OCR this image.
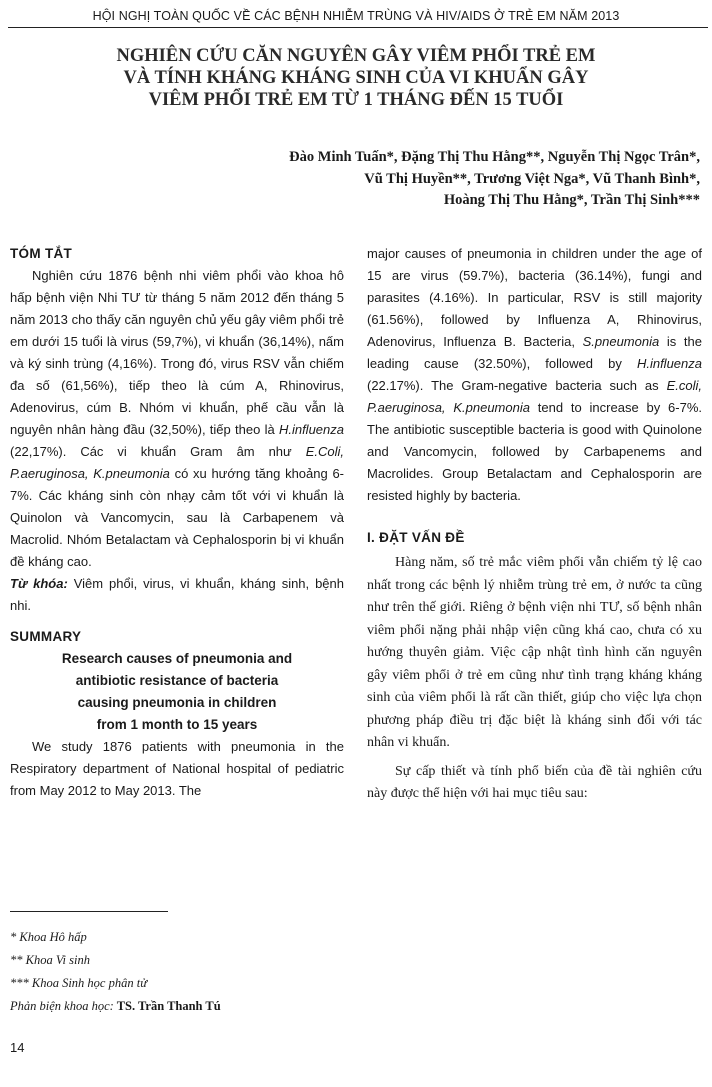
HỘI NGHỊ TOÀN QUỐC VỀ CÁC BỆNH NHIỄM TRÙNG VÀ HIV/AIDS Ở TRẺ EM NĂM 2013
NGHIÊN CỨU CĂN NGUYÊN GÂY VIÊM PHỔI TRẺ EM
VÀ TÍNH KHÁNG KHÁNG SINH CỦA VI KHUẨN GÂY
VIÊM PHỔI TRẺ EM TỪ 1 THÁNG ĐẾN 15 TUỔI
Đào Minh Tuấn*, Đặng Thị Thu Hằng**, Nguyễn Thị Ngọc Trân*,
Vũ Thị Huyền**, Trương Việt Nga*, Vũ Thanh Bình*,
Hoàng Thị Thu Hằng*, Trần Thị Sinh***
TÓM TẮT
Nghiên cứu 1876 bệnh nhi viêm phổi vào khoa hô hấp bệnh viện Nhi TƯ từ tháng 5 năm 2012 đến tháng 5 năm 2013 cho thấy căn nguyên chủ yếu gây viêm phổi trẻ em dưới 15 tuổi là virus (59,7%), vi khuẩn (36,14%), nấm và ký sinh trùng (4,16%). Trong đó, virus RSV vẫn chiếm đa số (61,56%), tiếp theo là cúm A, Rhinovirus, Adenovirus, cúm B. Nhóm vi khuẩn, phế cầu vẫn là nguyên nhân hàng đầu (32,50%), tiếp theo là H.influenza (22,17%). Các vi khuẩn Gram âm như E.Coli, P.aeruginosa, K.pneumonia có xu hướng tăng khoảng 6-7%. Các kháng sinh còn nhạy cảm tốt với vi khuẩn là Quinolon và Vancomycin, sau là Carbapenem và Macrolid. Nhóm Betalactam và Cephalosporin bị vi khuẩn đề kháng cao.
Từ khóa: Viêm phổi, virus, vi khuẩn, kháng sinh, bệnh nhi.
SUMMARY
Research causes of pneumonia and
antibiotic resistance of bacteria
causing pneumonia in children
from 1 month to 15 years
We study 1876 patients with pneumonia in the Respiratory department of National hospital of pediatric from May 2012 to May 2013. The
major causes of pneumonia in children under the age of 15 are virus (59.7%), bacteria (36.14%), fungi and parasites (4.16%). In particular, RSV is still majority (61.56%), followed by Influenza A, Rhinovirus, Adenovirus, Influenza B. Bacteria, S.pneumonia is the leading cause (32.50%), followed by H.influenza (22.17%). The Gram-negative bacteria such as E.coli, P.aeruginosa, K.pneumonia tend to increase by 6-7%. The antibiotic susceptible bacteria is good with Quinolone and Vancomycin, followed by Carbapenems and Macrolides. Group Betalactam and Cephalosporin are resisted highly by bacteria.
I. ĐẶT VẤN ĐỀ
Hàng năm, số trẻ mắc viêm phổi vẫn chiếm tỷ lệ cao nhất trong các bệnh lý nhiễm trùng trẻ em, ở nước ta cũng như trên thế giới. Riêng ở bệnh viện nhi TƯ, số bệnh nhân viêm phổi nặng phải nhập viện cũng khá cao, chưa có xu hướng thuyên giảm. Việc cập nhật tình hình căn nguyên gây viêm phổi ở trẻ em cũng như tình trạng kháng kháng sinh của viêm phổi là rất cần thiết, giúp cho việc lựa chọn phương pháp điều trị đặc biệt là kháng sinh đối với tác nhân vi khuẩn.
Sự cấp thiết và tính phổ biến của đề tài nghiên cứu này được thể hiện với hai mục tiêu sau:
* Khoa Hô hấp
** Khoa Vi sinh
*** Khoa Sinh học phân tử
Phản biện khoa học: TS. Trần Thanh Tú
14
